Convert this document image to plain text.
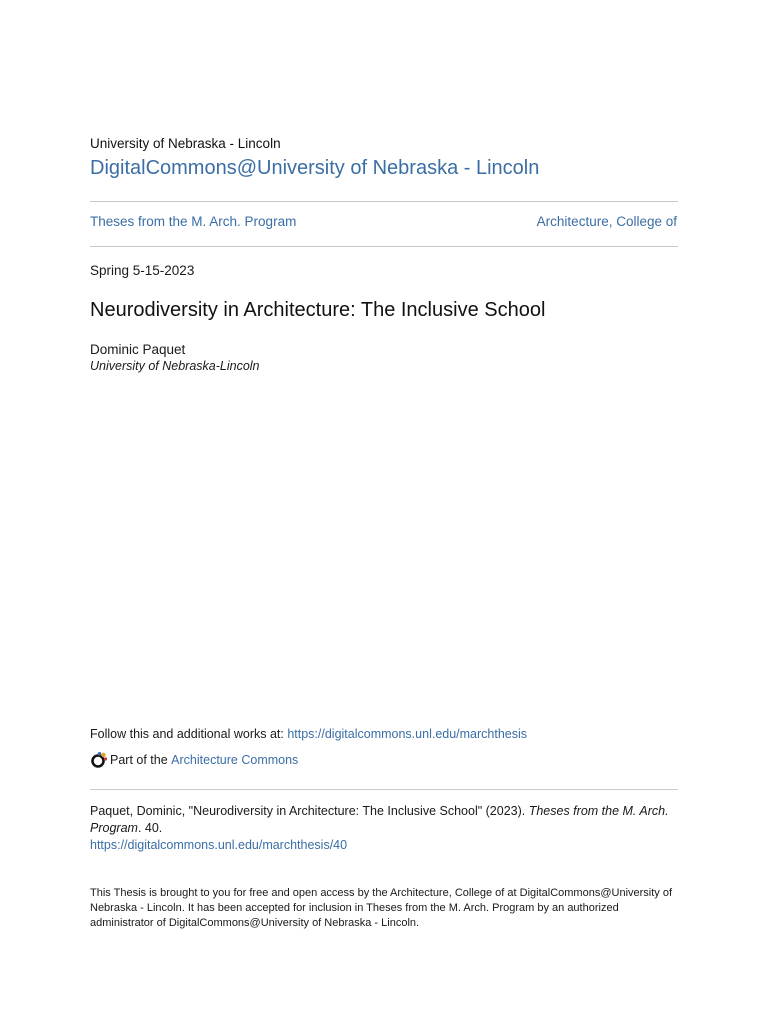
University of Nebraska - Lincoln
DigitalCommons@University of Nebraska - Lincoln
Theses from the M. Arch. Program	Architecture, College of
Spring 5-15-2023
Neurodiversity in Architecture: The Inclusive School
Dominic Paquet
University of Nebraska-Lincoln
Follow this and additional works at: https://digitalcommons.unl.edu/marchthesis
Part of the
Architecture Commons
Paquet, Dominic, "Neurodiversity in Architecture: The Inclusive School" (2023). Theses from the M. Arch. Program. 40.
https://digitalcommons.unl.edu/marchthesis/40
This Thesis is brought to you for free and open access by the Architecture, College of at DigitalCommons@University of Nebraska - Lincoln. It has been accepted for inclusion in Theses from the M. Arch. Program by an authorized administrator of DigitalCommons@University of Nebraska - Lincoln.
